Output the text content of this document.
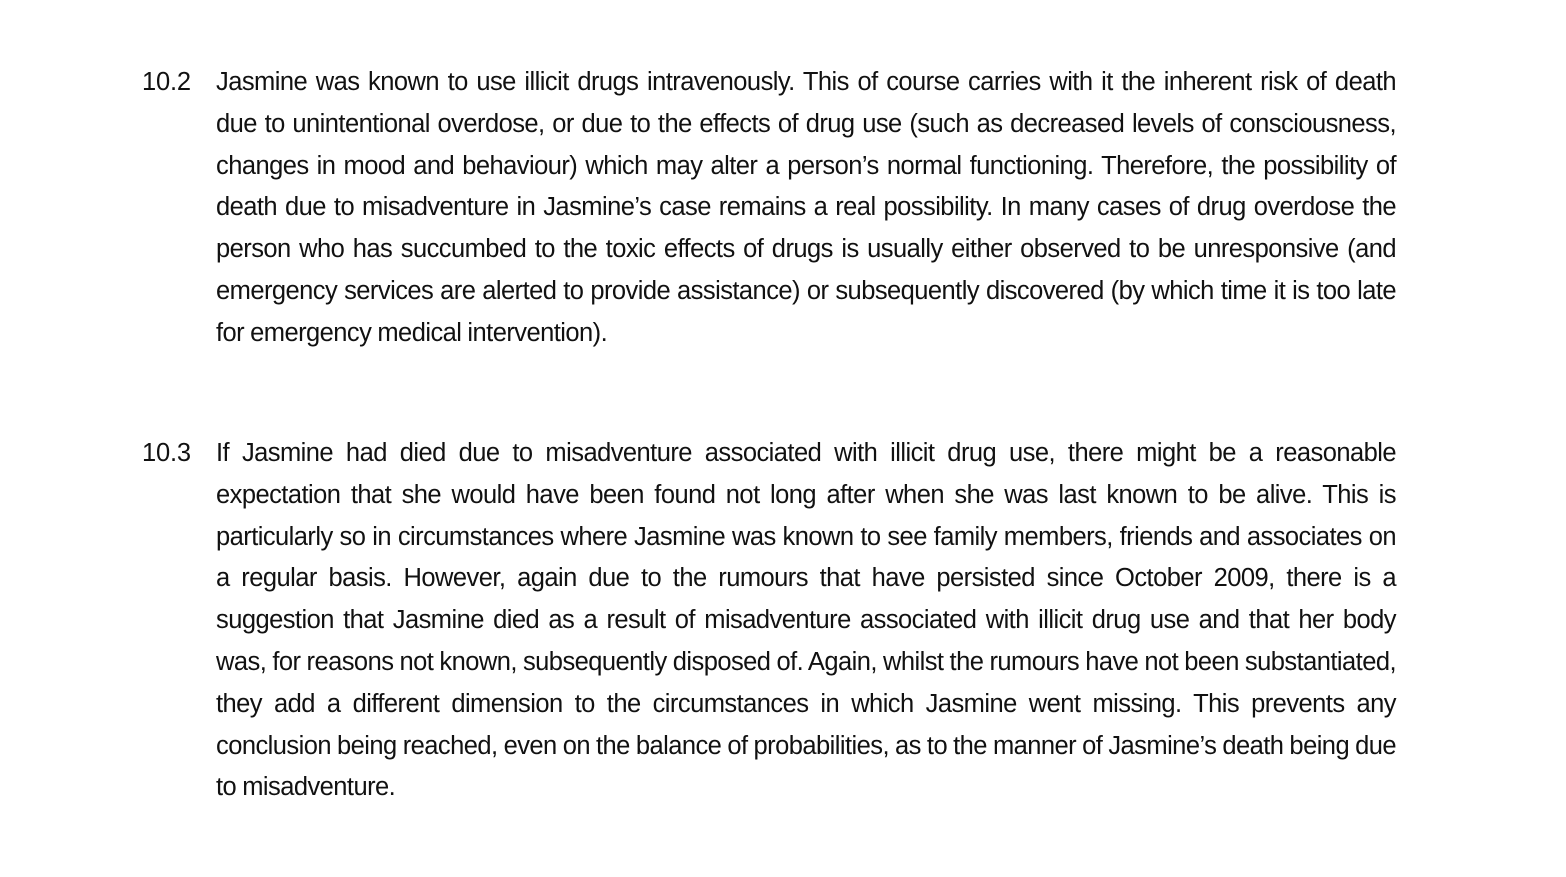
10.2 Jasmine was known to use illicit drugs intravenously. This of course carries with it the inherent risk of death due to unintentional overdose, or due to the effects of drug use (such as decreased levels of consciousness, changes in mood and behaviour) which may alter a person’s normal functioning. Therefore, the possibility of death due to misadventure in Jasmine’s case remains a real possibility. In many cases of drug overdose the person who has succumbed to the toxic effects of drugs is usually either observed to be unresponsive (and emergency services are alerted to provide assistance) or subsequently discovered (by which time it is too late for emergency medical intervention).
10.3 If Jasmine had died due to misadventure associated with illicit drug use, there might be a reasonable expectation that she would have been found not long after when she was last known to be alive. This is particularly so in circumstances where Jasmine was known to see family members, friends and associates on a regular basis. However, again due to the rumours that have persisted since October 2009, there is a suggestion that Jasmine died as a result of misadventure associated with illicit drug use and that her body was, for reasons not known, subsequently disposed of. Again, whilst the rumours have not been substantiated, they add a different dimension to the circumstances in which Jasmine went missing. This prevents any conclusion being reached, even on the balance of probabilities, as to the manner of Jasmine’s death being due to misadventure.
